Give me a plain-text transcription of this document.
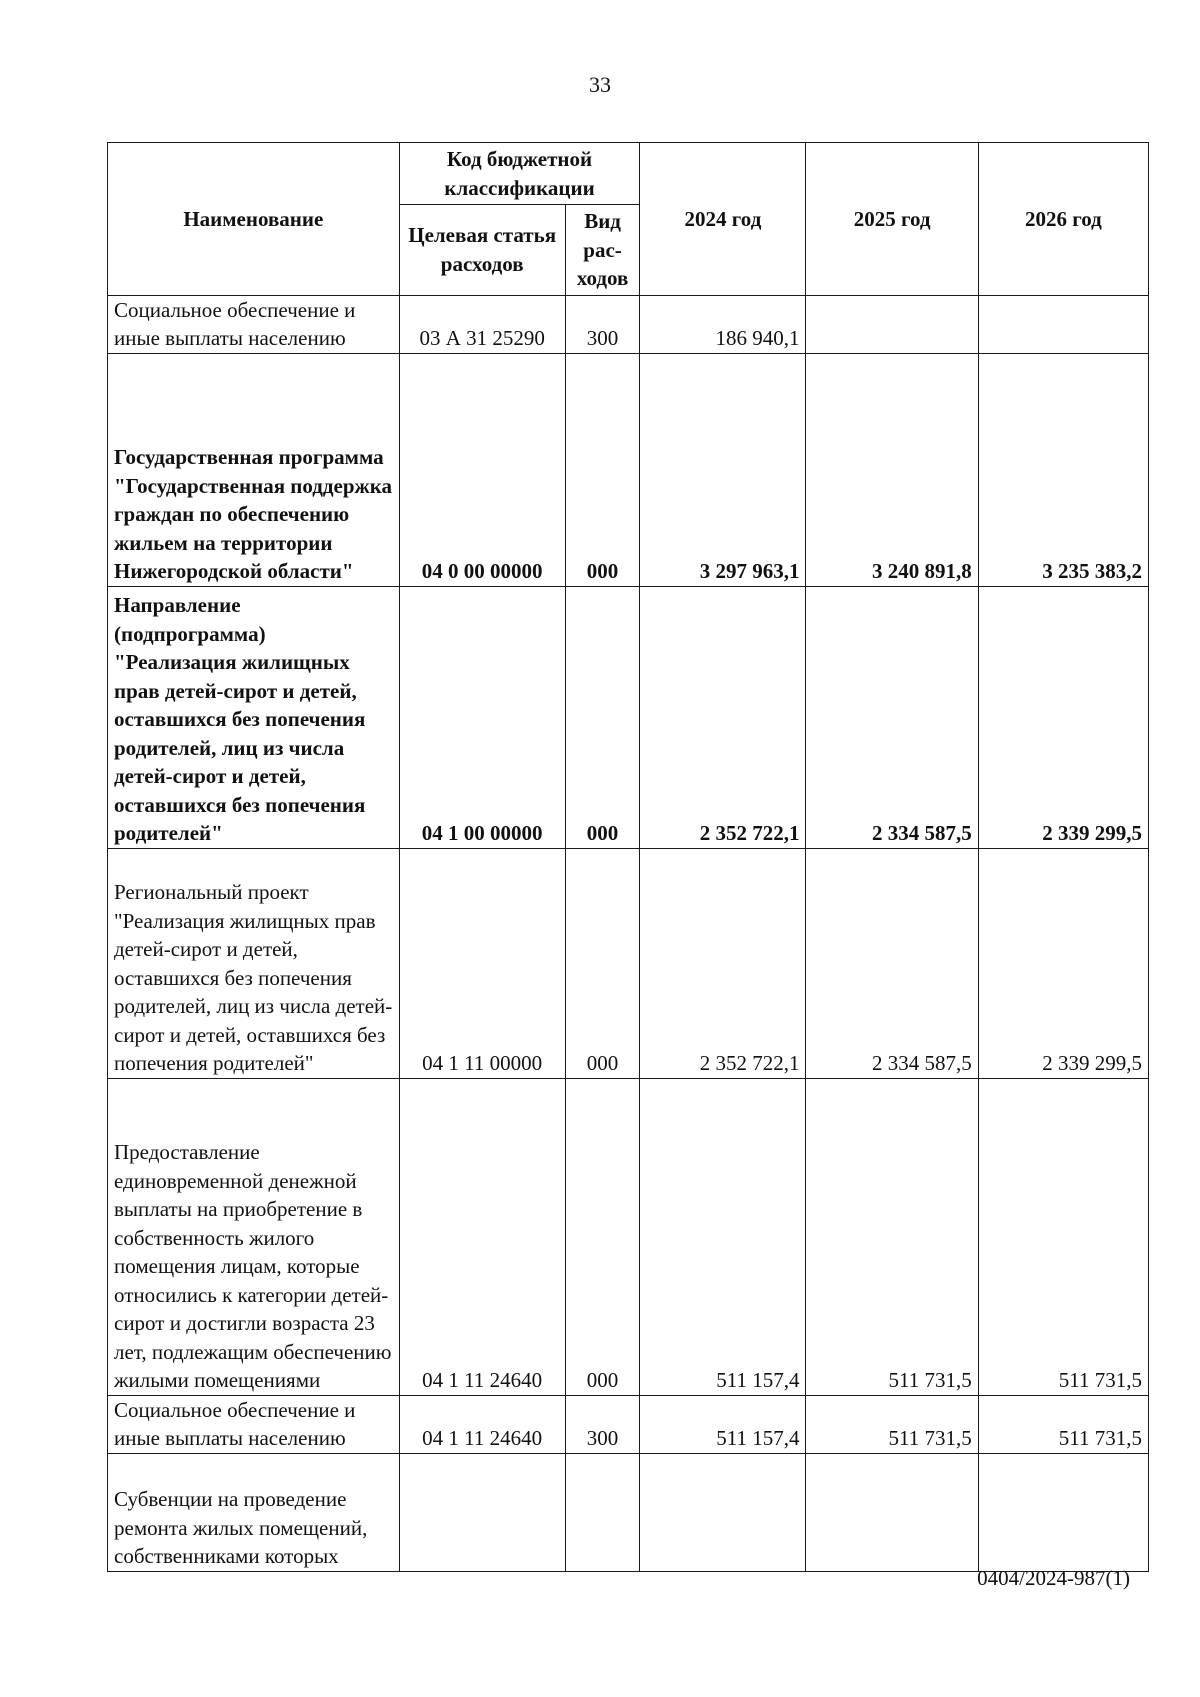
33
Наименование	Код бюджетной классификации		2024 год	2025 год	2026 год
	Целевая статья расходов	Вид рас-ходов			
Социальное обеспечение и иные выплаты населению	03 А 31 25290	300	186 940,1		
Государственная программа "Государственная поддержка граждан по обеспечению жильем на территории Нижегородской области"	04 0 00 00000	000	3 297 963,1	3 240 891,8	3 235 383,2
Направление (подпрограмма) "Реализация жилищных прав детей-сирот и детей, оставшихся без попечения родителей, лиц из числа детей-сирот и детей, оставшихся без попечения родителей"	04 1 00 00000	000	2 352 722,1	2 334 587,5	2 339 299,5
Региональный проект "Реализация жилищных прав детей-сирот и детей, оставшихся без попечения родителей, лиц из числа детей-сирот и детей, оставшихся без попечения родителей"	04 1 11 00000	000	2 352 722,1	2 334 587,5	2 339 299,5
Предоставление единовременной денежной выплаты на приобретение в собственность жилого помещения лицам, которые относились к категории детей-сирот и достигли возраста 23 лет, подлежащим обеспечению жилыми помещениями	04 1 11 24640	000	511 157,4	511 731,5	511 731,5
Социальное обеспечение и иные выплаты населению	04 1 11 24640	300	511 157,4	511 731,5	511 731,5
Субвенции на проведение ремонта жилых помещений, собственниками которых					
0404/2024-987(1)
